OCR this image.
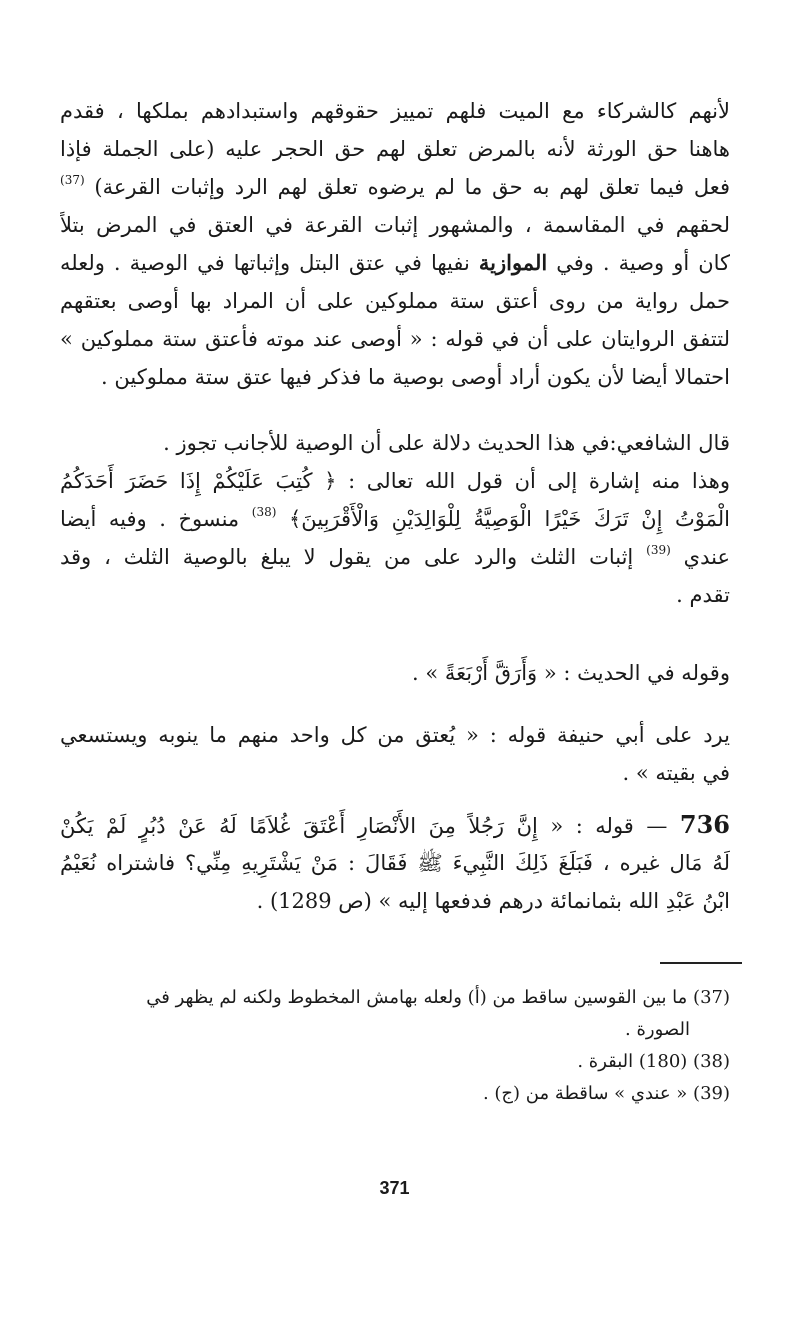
لأنهم كالشركاء مع الميت فلهم تمييز حقوقهم واستبدادهم بملكها ، فقدم
هاهنا حق الورثة لأنه بالمرض تعلق لهم حق الحجر عليه (على الجملة فإذا
فعل فيما تعلق لهم به حق ما لم يرضوه تعلق لهم الرد وإثبات القرعة) $^{(37)}$
لحقهم في المقاسمة ، والمشهور إثبات القرعة في العتق في المرض بتلاً
كان أو وصية . وفي الموازية نفيها في عتق البتل وإثباتها في الوصية . ولعله
حمل رواية من روى أعتق ستة مملوكين على أن المراد بها أوصى بعتقهم
لتتفق الروايتان على أن في قوله : « أوصى عند موته فأعتق ستة مملوكين »
احتمالا أيضا لأن يكون أراد أوصى بوصية ما فذكر فيها عتق ستة مملوكين .
قال الشافعي:في هذا الحديث دلالة على أن الوصية للأجانب تجوز .
وهذا منه إشارة إلى أن قول الله تعالى : ﴿ كُتِبَ عَلَيْكُمْ إِذَا حَضَرَ أَحَدَكُمُ
الْمَوْتُ إِنْ تَرَكَ خَيْرًا الْوَصِيَّةُ لِلْوَالِدَيْنِ وَالْأَقْرَبِينَ﴾ $^{(38)}$ منسوخ . وفيه أيضا
عندي $^{(39)}$ إثبات الثلث والرد على من يقول لا يبلغ بالوصية الثلث ، وقد
تقدم .
وقوله في الحديث : « وَأَرَقَّ أَرْبَعَةً » .
يرد على أبي حنيفة قوله : « يُعتق من كل واحد منهم ما ينوبه ويستسعي
في بقيته » .
736 — قوله : « إِنَّ رَجُلاً مِنَ الأَنْصَارِ أَعْتَقَ غُلاَمًا لَهُ عَنْ دُبُرٍ لَمْ يَكُنْ
لَهُ مَال غيره ، فَبَلَغَ ذَلِكَ النَّبِيءَ ﷺ فَقَالَ : مَنْ يَشْتَرِيهِ مِنِّي؟ فاشتراه نُعَيْمُ
ابْنُ عَبْدِ الله بثمانمائة درهم فدفعها إليه » (ص 1289) .
(37) ما بين القوسين ساقط من (أ) ولعله بهامش المخطوط ولكنه لم يظهر في
الصورة .
(38) (180) البقرة .
(39) « عندي » ساقطة من (ج) .
371
